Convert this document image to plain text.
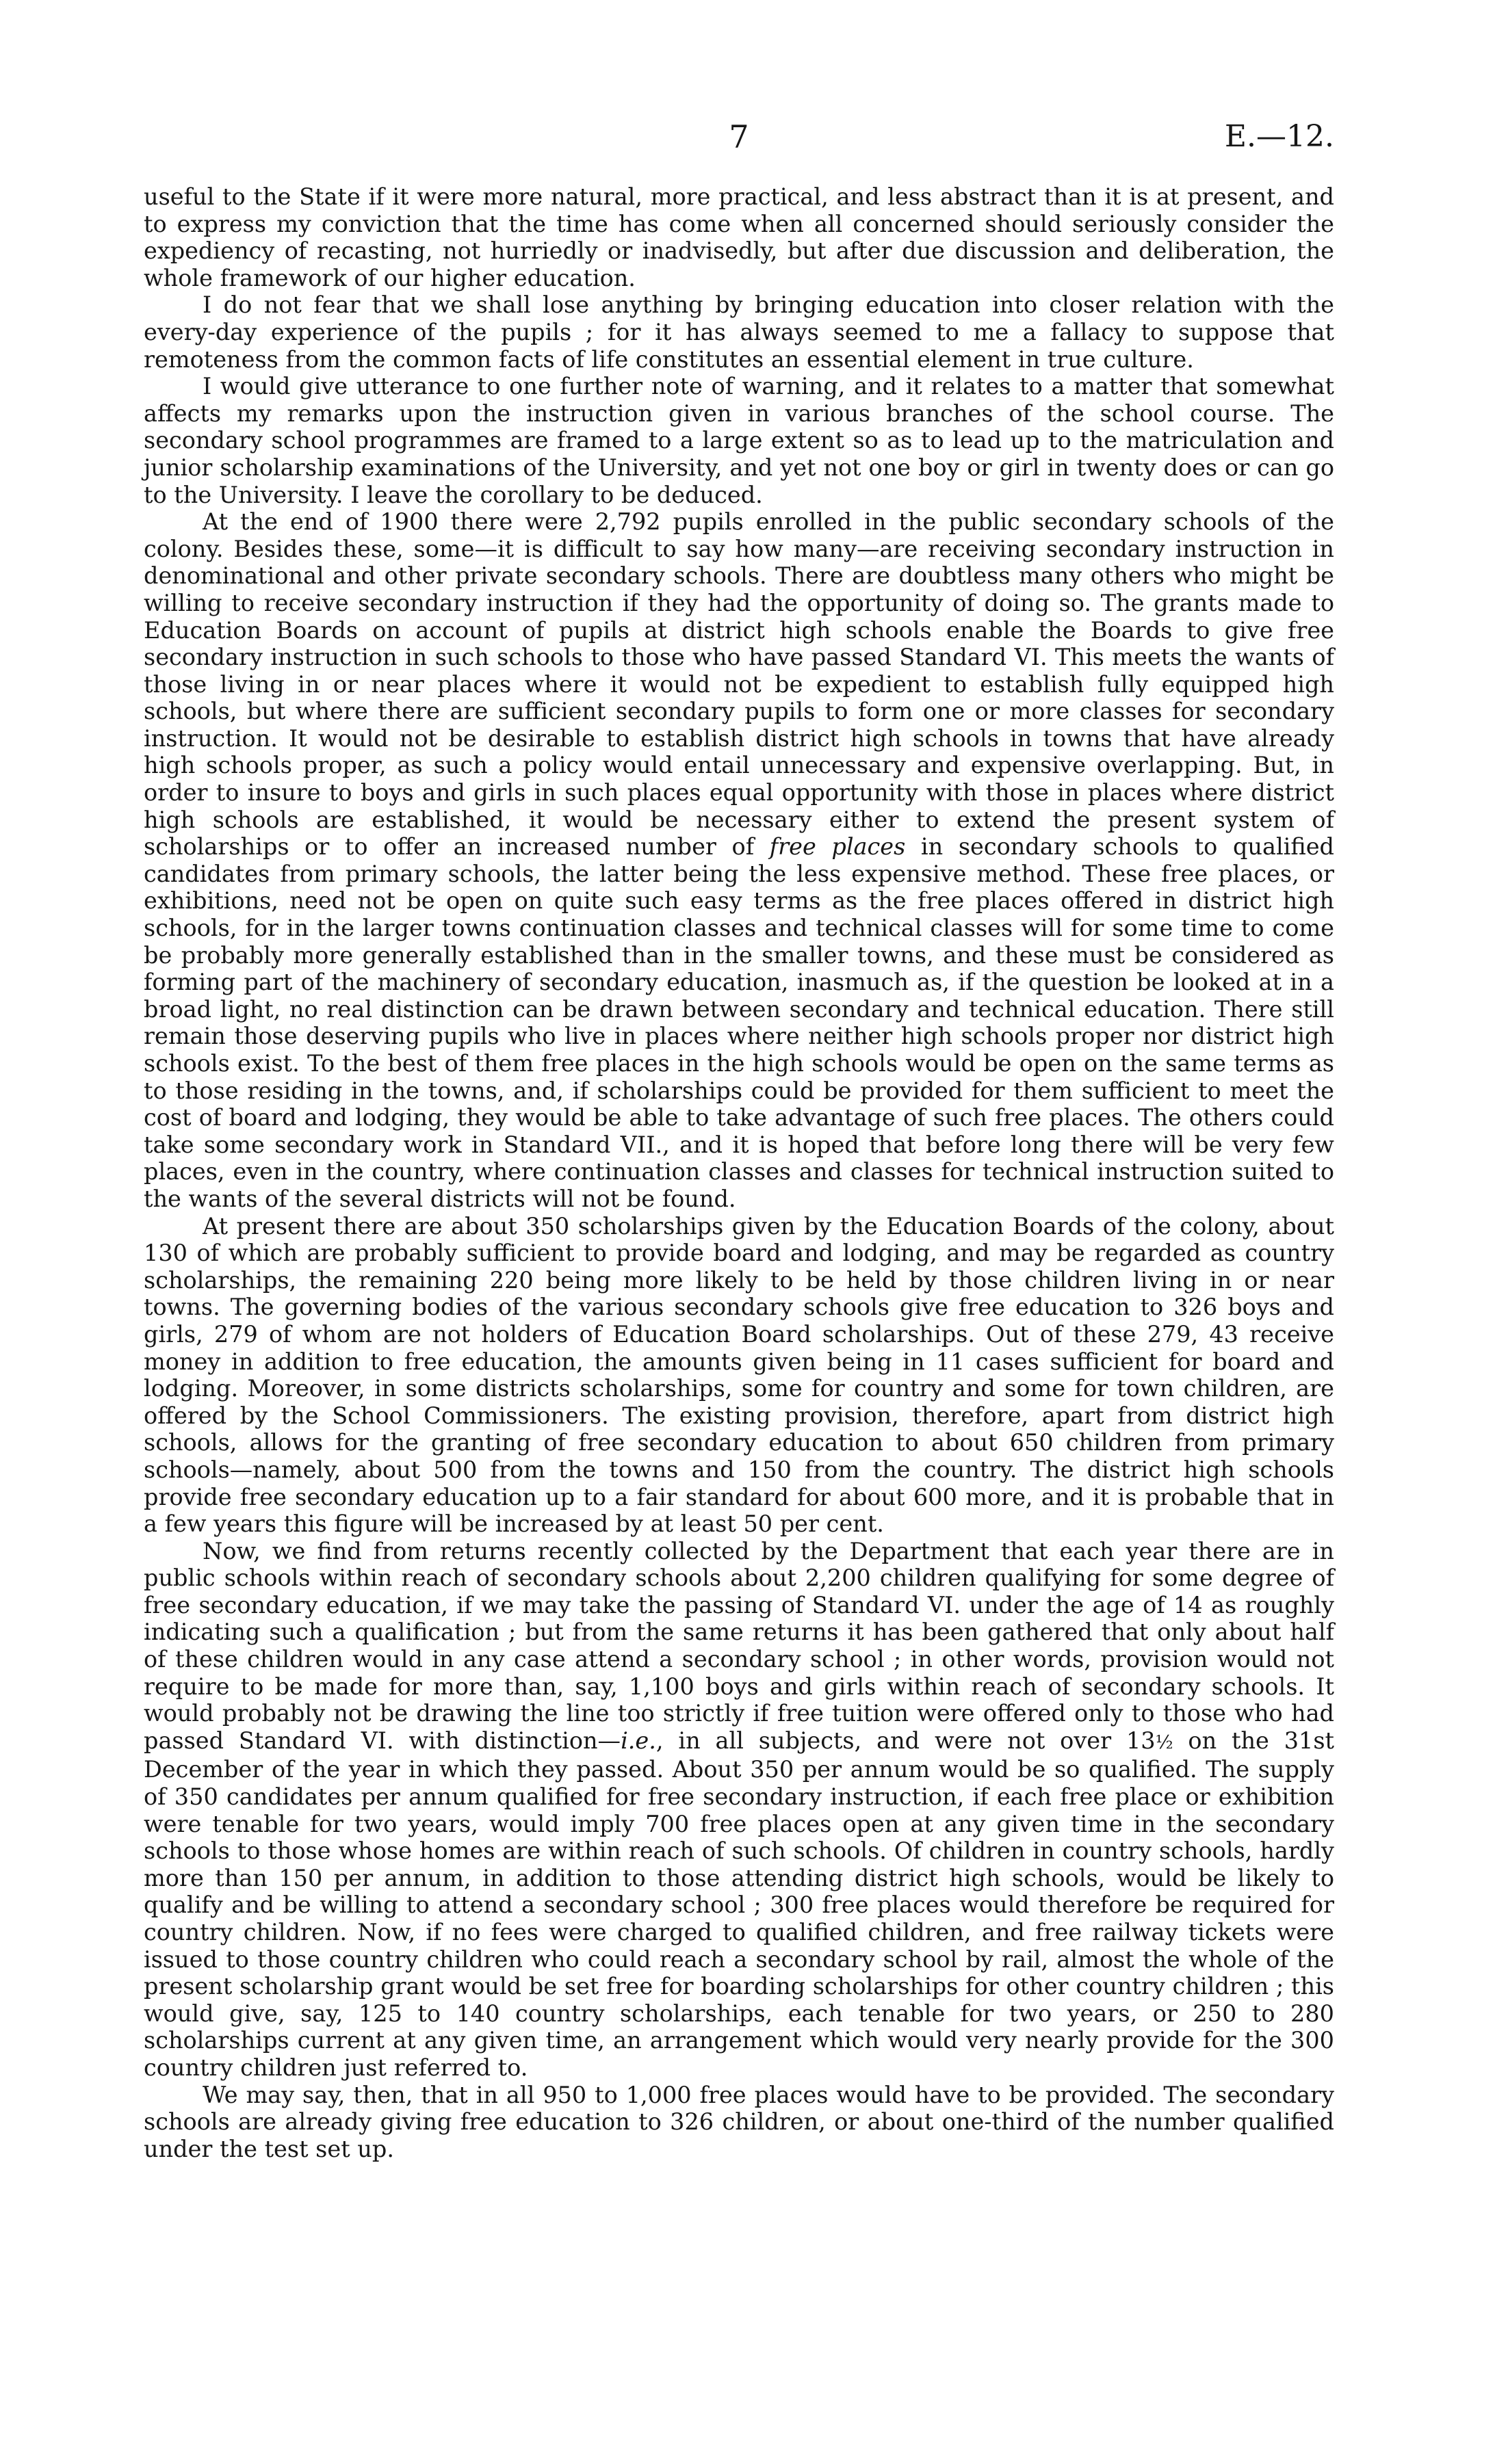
7	E.—12.

useful to the State if it were more natural, more practical, and less abstract than it is at present, and to express my conviction that the time has come when all concerned should seriously consider the expediency of recasting, not hurriedly or inadvisedly, but after due discussion and deliberation, the whole framework of our higher education.

I do not fear that we shall lose anything by bringing education into closer relation with the every-day experience of the pupils ; for it has always seemed to me a fallacy to suppose that remoteness from the common facts of life constitutes an essential element in true culture.

I would give utterance to one further note of warning, and it relates to a matter that somewhat affects my remarks upon the instruction given in various branches of the school course. The secondary school programmes are framed to a large extent so as to lead up to the matriculation and junior scholarship examinations of the University, and yet not one boy or girl in twenty does or can go to the University. I leave the corollary to be deduced.

At the end of 1900 there were 2,792 pupils enrolled in the public secondary schools of the colony. Besides these, some—it is difficult to say how many—are receiving secondary instruction in denominational and other private secondary schools. There are doubtless many others who might be willing to receive secondary instruction if they had the opportunity of doing so. The grants made to Education Boards on account of pupils at district high schools enable the Boards to give free secondary instruction in such schools to those who have passed Standard VI. This meets the wants of those living in or near places where it would not be expedient to establish fully equipped high schools, but where there are sufficient secondary pupils to form one or more classes for secondary instruction. It would not be desirable to establish district high schools in towns that have already high schools proper, as such a policy would entail unnecessary and expensive overlapping. But, in order to insure to boys and girls in such places equal opportunity with those in places where district high schools are established, it would be necessary either to extend the present system of scholarships or to offer an increased number of free places in secondary schools to qualified candidates from primary schools, the latter being the less expensive method. These free places, or exhibitions, need not be open on quite such easy terms as the free places offered in district high schools, for in the larger towns continuation classes and technical classes will for some time to come be probably more generally established than in the smaller towns, and these must be considered as forming part of the machinery of secondary education, inasmuch as, if the question be looked at in a broad light, no real distinction can be drawn between secondary and technical education. There still remain those deserving pupils who live in places where neither high schools proper nor district high schools exist. To the best of them free places in the high schools would be open on the same terms as to those residing in the towns, and, if scholarships could be provided for them sufficient to meet the cost of board and lodging, they would be able to take advantage of such free places. The others could take some secondary work in Standard VII., and it is hoped that before long there will be very few places, even in the country, where continuation classes and classes for technical instruction suited to the wants of the several districts will not be found.

At present there are about 350 scholarships given by the Education Boards of the colony, about 130 of which are probably sufficient to provide board and lodging, and may be regarded as country scholarships, the remaining 220 being more likely to be held by those children living in or near towns. The governing bodies of the various secondary schools give free education to 326 boys and girls, 279 of whom are not holders of Education Board scholarships. Out of these 279, 43 receive money in addition to free education, the amounts given being in 11 cases sufficient for board and lodging. Moreover, in some districts scholarships, some for country and some for town children, are offered by the School Commissioners. The existing provision, therefore, apart from district high schools, allows for the granting of free secondary education to about 650 children from primary schools—namely, about 500 from the towns and 150 from the country. The district high schools provide free secondary education up to a fair standard for about 600 more, and it is probable that in a few years this figure will be increased by at least 50 per cent.

Now, we find from returns recently collected by the Department that each year there are in public schools within reach of secondary schools about 2,200 children qualifying for some degree of free secondary education, if we may take the passing of Standard VI. under the age of 14 as roughly indicating such a qualification ; but from the same returns it has been gathered that only about half of these children would in any case attend a secondary school ; in other words, provision would not require to be made for more than, say, 1,100 boys and girls within reach of secondary schools. It would probably not be drawing the line too strictly if free tuition were offered only to those who had passed Standard VI. with distinction—i.e., in all subjects, and were not over 13½ on the 31st December of the year in which they passed. About 350 per annum would be so qualified. The supply of 350 candidates per annum qualified for free secondary instruction, if each free place or exhibition were tenable for two years, would imply 700 free places open at any given time in the secondary schools to those whose homes are within reach of such schools. Of children in country schools, hardly more than 150 per annum, in addition to those attending district high schools, would be likely to qualify and be willing to attend a secondary school ; 300 free places would therefore be required for country children. Now, if no fees were charged to qualified children, and free railway tickets were issued to those country children who could reach a secondary school by rail, almost the whole of the present scholarship grant would be set free for boarding scholarships for other country children ; this would give, say, 125 to 140 country scholarships, each tenable for two years, or 250 to 280 scholarships current at any given time, an arrangement which would very nearly provide for the 300 country children just referred to.

We may say, then, that in all 950 to 1,000 free places would have to be provided. The secondary schools are already giving free education to 326 children, or about one-third of the number qualified under the test set up.
